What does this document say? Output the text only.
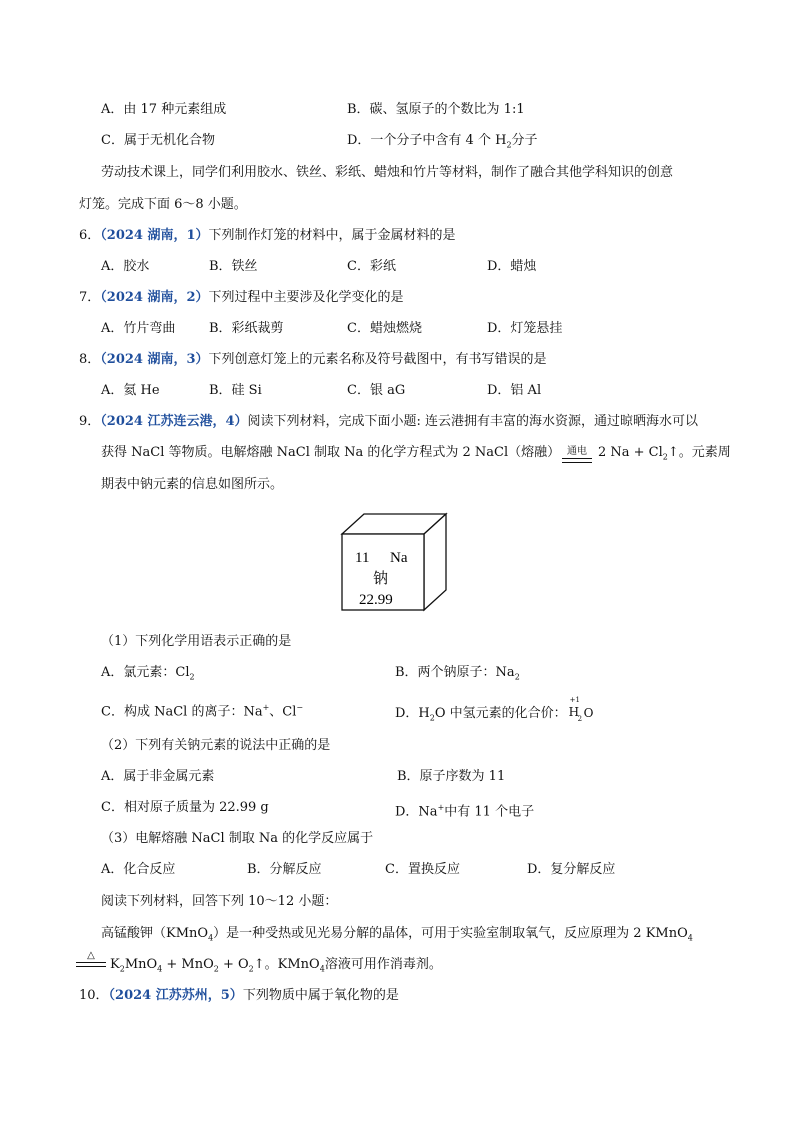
A．由 17 种元素组成	B．碳、氢原子的个数比为 1:1
C．属于无机化合物	D．一个分子中含有 4 个 $H_2$分子
劳动技术课上，同学们利用胶水、铁丝、彩纸、蜡烛和竹片等材料，制作了融合其他学科知识的创意
灯笼。完成下面 6～8 小题。
6．（2024 湖南，1）下列制作灯笼的材料中，属于金属材料的是
A．胶水	B．铁丝	C．彩纸	D．蜡烛
7．（2024 湖南，2）下列过程中主要涉及化学变化的是
A．竹片弯曲	B．彩纸裁剪	C．蜡烛燃烧	D．灯笼悬挂
8．（2024 湖南，3）下列创意灯笼上的元素名称及符号截图中，有书写错误的是
A．氦 He	B．硅 Si	C．银 aG	D．铝 Al
9．（2024 江苏连云港，4）阅读下列材料，完成下面小题: 连云港拥有丰富的海水资源，通过晾晒海水可以
获得 NaCl 等物质。电解熔融 NaCl 制取 Na 的化学方程式为 2 NaCl（熔融） 通电 2 $Na + Cl_2↑$。元素周
期表中钠元素的信息如图所示。
11 Na
钠
22.99
（1）下列化学用语表示正确的是
A．氯元素：$Cl_2$	B．两个钠原子：$Na_2$
C．构成 NaCl 的离子：Na+、Cl−	D．$H_2O$ 中氢元素的化合价：
+1
H
2 O
（2）下列有关钠元素的说法中正确的是
A．属于非金属元素	B．原子序数为 11
C．相对原子质量为 22.99 g	D．Na+中有 11 个电子
（3）电解熔融 NaCl 制取 Na 的化学反应属于
A．化合反应	B．分解反应	C．置换反应	D．复分解反应
阅读下列材料，回答下列 10～12 小题：
高锰酸钾（KMnO$_4$）是一种受热或见光易分解的晶体，可用于实验室制取氧气，反应原理为 2 KMnO$_4$
△
$K_2MnO_4 + MnO_2$ + $O_2↑$。KMnO$_4$溶液可用作消毒剂。
10．（2024 江苏苏州，5）下列物质中属于氧化物的是
